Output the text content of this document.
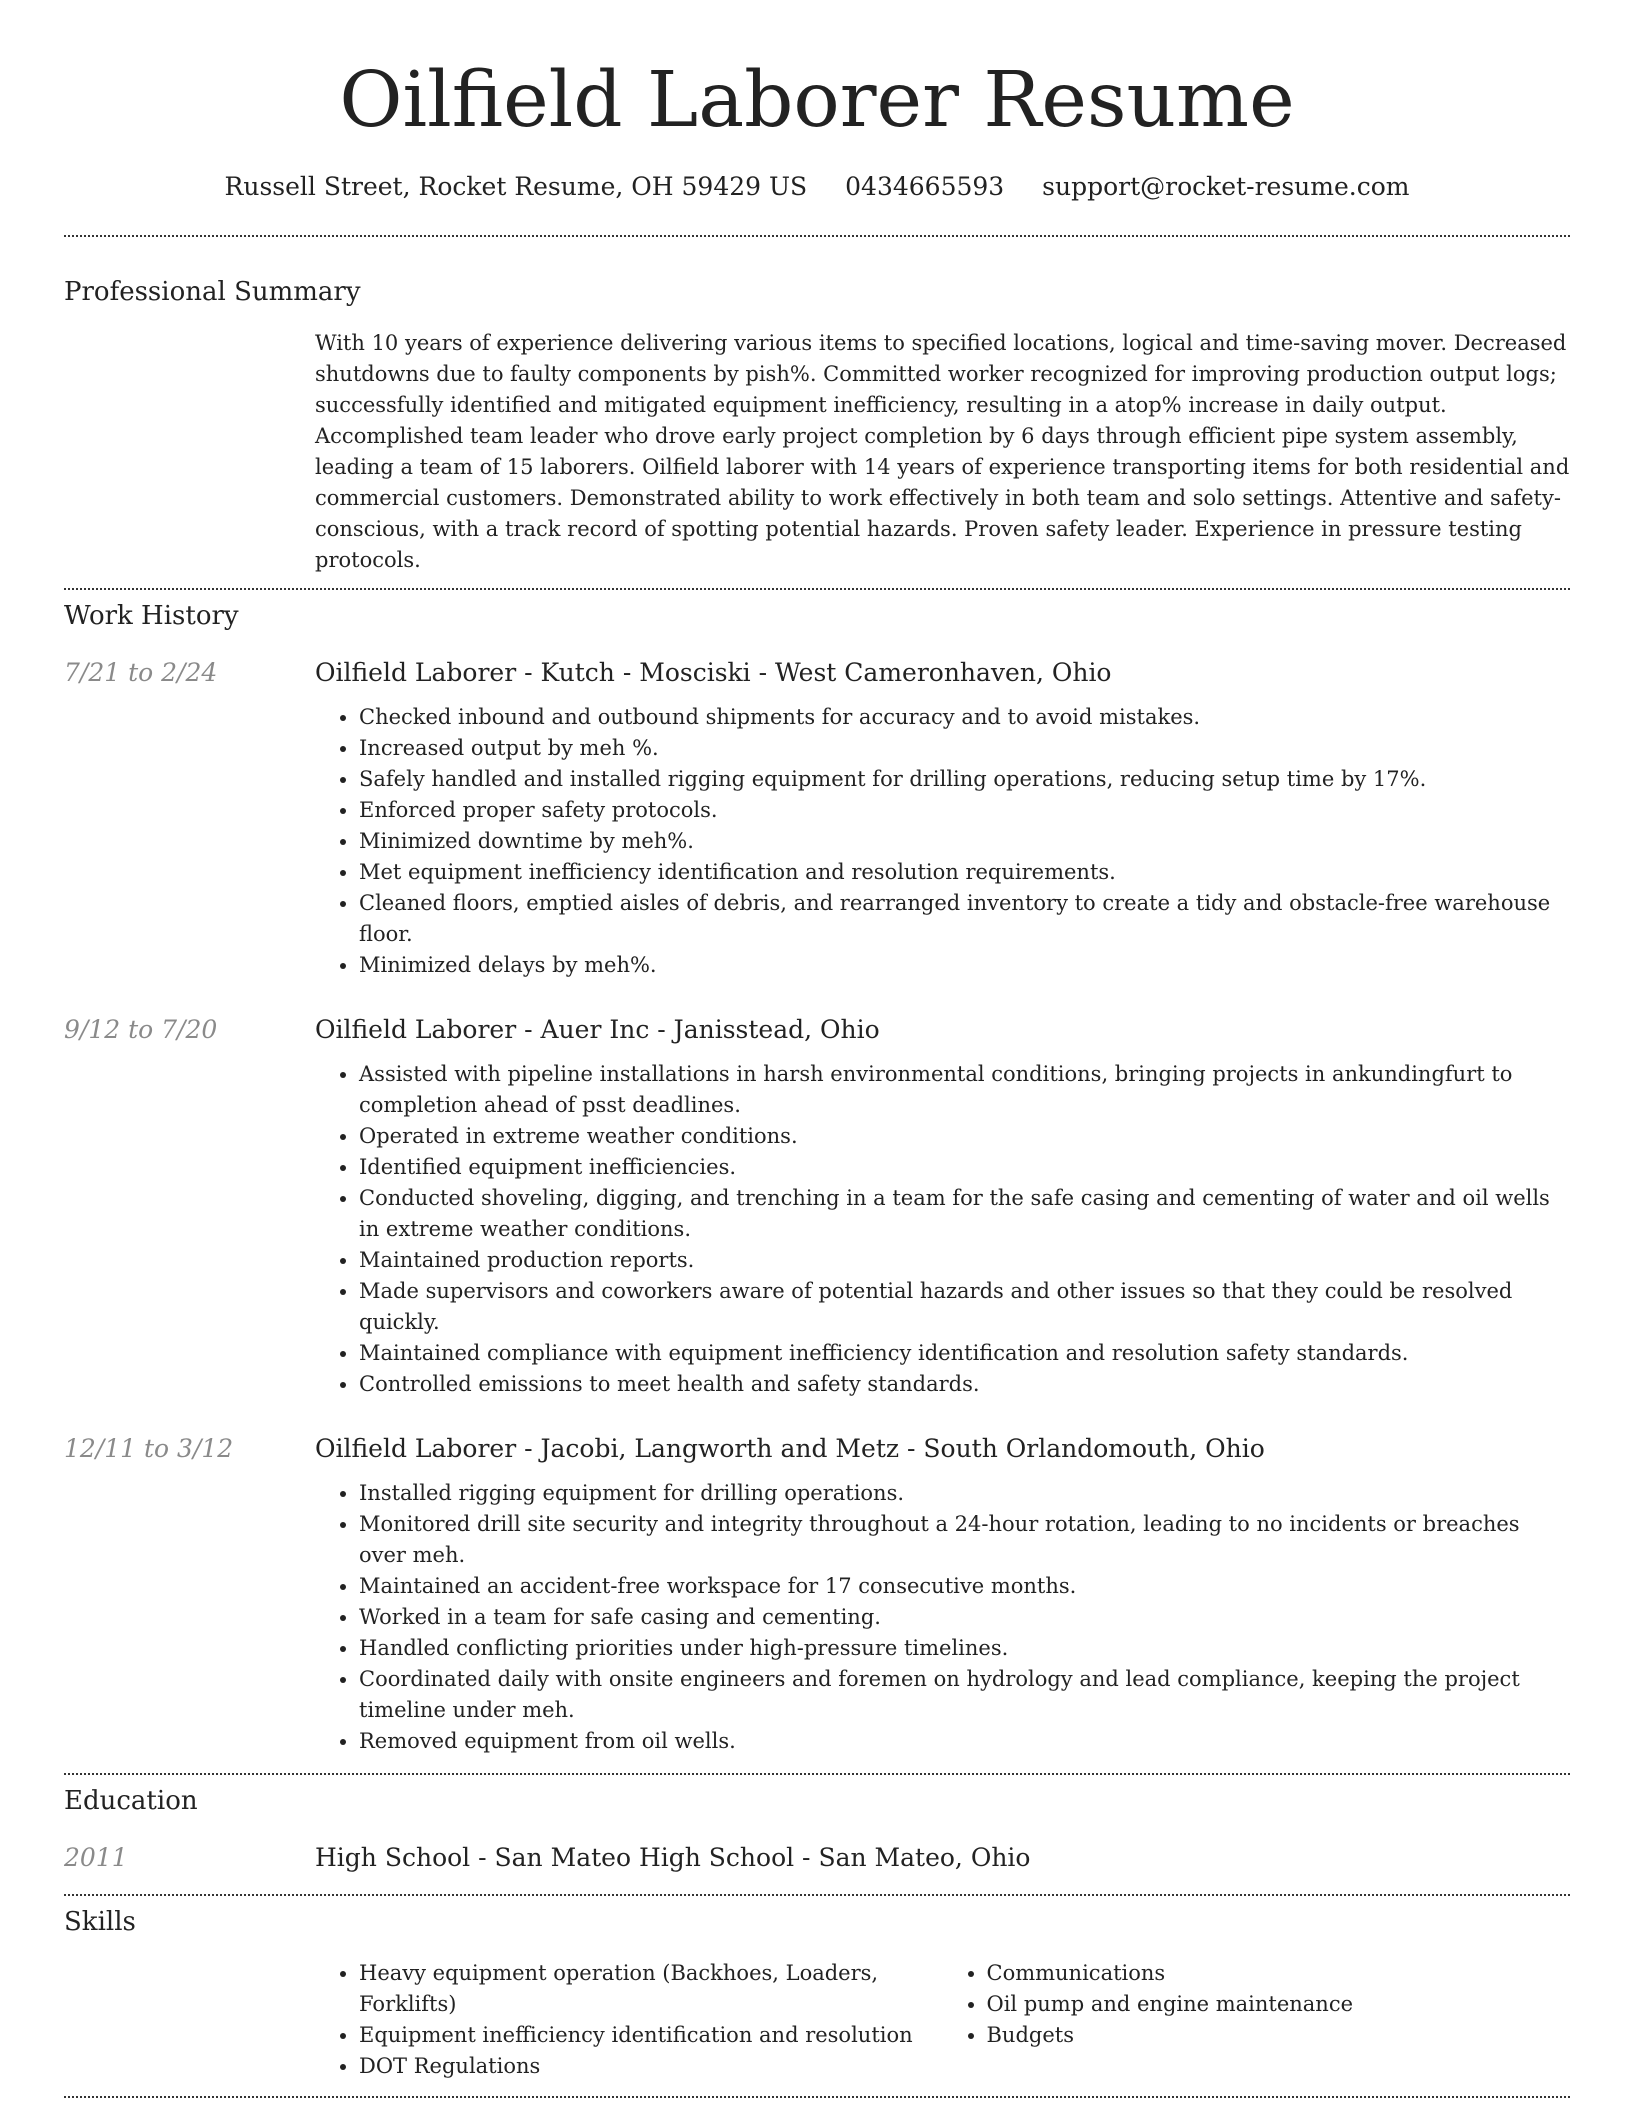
Oilfield Laborer Resume
Russell Street, Rocket Resume, OH 59429 US 0434665593 support@rocket-resume.com
Professional Summary
With 10 years of experience delivering various items to specified locations, logical and time-saving mover. Decreased shutdowns due to faulty components by pish%. Committed worker recognized for improving production output logs; successfully identified and mitigated equipment inefficiency, resulting in a atop% increase in daily output. Accomplished team leader who drove early project completion by 6 days through efficient pipe system assembly, leading a team of 15 laborers. Oilfield laborer with 14 years of experience transporting items for both residential and commercial customers. Demonstrated ability to work effectively in both team and solo settings. Attentive and safety-conscious, with a track record of spotting potential hazards. Proven safety leader. Experience in pressure testing protocols.
Work History
7/21 to 2/24	Oilfield Laborer - Kutch - Mosciski - West Cameronhaven, Ohio
• Checked inbound and outbound shipments for accuracy and to avoid mistakes.
• Increased output by meh %.
• Safely handled and installed rigging equipment for drilling operations, reducing setup time by 17%.
• Enforced proper safety protocols.
• Minimized downtime by meh%.
• Met equipment inefficiency identification and resolution requirements.
• Cleaned floors, emptied aisles of debris, and rearranged inventory to create a tidy and obstacle-free warehouse floor.
• Minimized delays by meh%.
9/12 to 7/20	Oilfield Laborer - Auer Inc - Janisstead, Ohio
• Assisted with pipeline installations in harsh environmental conditions, bringing projects in ankundingfurt to completion ahead of psst deadlines.
• Operated in extreme weather conditions.
• Identified equipment inefficiencies.
• Conducted shoveling, digging, and trenching in a team for the safe casing and cementing of water and oil wells in extreme weather conditions.
• Maintained production reports.
• Made supervisors and coworkers aware of potential hazards and other issues so that they could be resolved quickly.
• Maintained compliance with equipment inefficiency identification and resolution safety standards.
• Controlled emissions to meet health and safety standards.
12/11 to 3/12	Oilfield Laborer - Jacobi, Langworth and Metz - South Orlandomouth, Ohio
• Installed rigging equipment for drilling operations.
• Monitored drill site security and integrity throughout a 24-hour rotation, leading to no incidents or breaches over meh.
• Maintained an accident-free workspace for 17 consecutive months.
• Worked in a team for safe casing and cementing.
• Handled conflicting priorities under high-pressure timelines.
• Coordinated daily with onsite engineers and foremen on hydrology and lead compliance, keeping the project timeline under meh.
• Removed equipment from oil wells.
Education
2011	High School - San Mateo High School - San Mateo, Ohio
Skills
• Heavy equipment operation (Backhoes, Loaders, Forklifts)
• Equipment inefficiency identification and resolution
• DOT Regulations
• Communications
• Oil pump and engine maintenance
• Budgets
